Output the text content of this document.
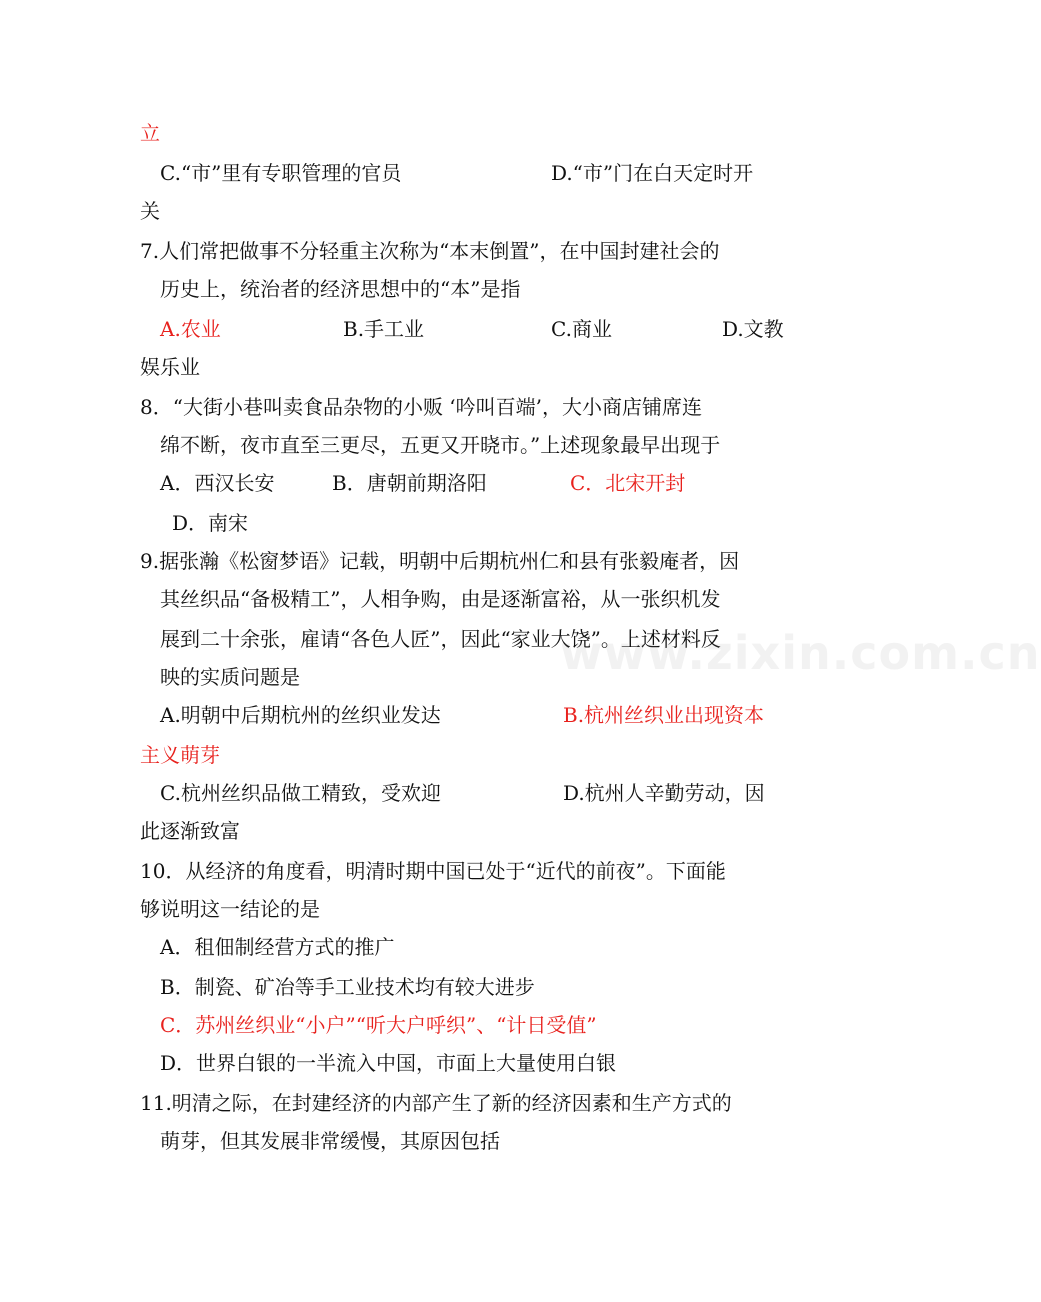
立
C.“市”里有专职管理的官员	D.“市”门在白天定时开
关
7.人们常把做事不分轻重主次称为“本末倒置”，在中国封建社会的
历史上，统治者的经济思想中的“本”是指
A.农业	B.手工业	C.商业	D.文教
娱乐业
8．“大街小巷叫卖食品杂物的小贩 ‘吟叫百端’，大小商店铺席连
绵不断，夜市直至三更尽，五更又开晓市。”上述现象最早出现于
A．西汉长安	B．唐朝前期洛阳	C．北宋开封
D．南宋
9.据张瀚《松窗梦语》记载，明朝中后期杭州仁和县有张毅庵者，因
其丝织品“备极精工”，人相争购，由是逐渐富裕，从一张织机发
展到二十余张，雇请“各色人匠”，因此“家业大饶”。上述材料反
映的实质问题是
A.明朝中后期杭州的丝织业发达	B.杭州丝织业出现资本
主义萌芽
C.杭州丝织品做工精致，受欢迎	D.杭州人辛勤劳动，因
此逐渐致富
10．从经济的角度看，明清时期中国已处于“近代的前夜”。下面能
够说明这一结论的是
A．租佃制经营方式的推广
B．制瓷、矿冶等手工业技术均有较大进步
C．苏州丝织业“小户”“听大户呼织”、“计日受值”
D．世界白银的一半流入中国，市面上大量使用白银
11.明清之际，在封建经济的内部产生了新的经济因素和生产方式的
萌芽，但其发展非常缓慢，其原因包括
www.zixin.com.cn
